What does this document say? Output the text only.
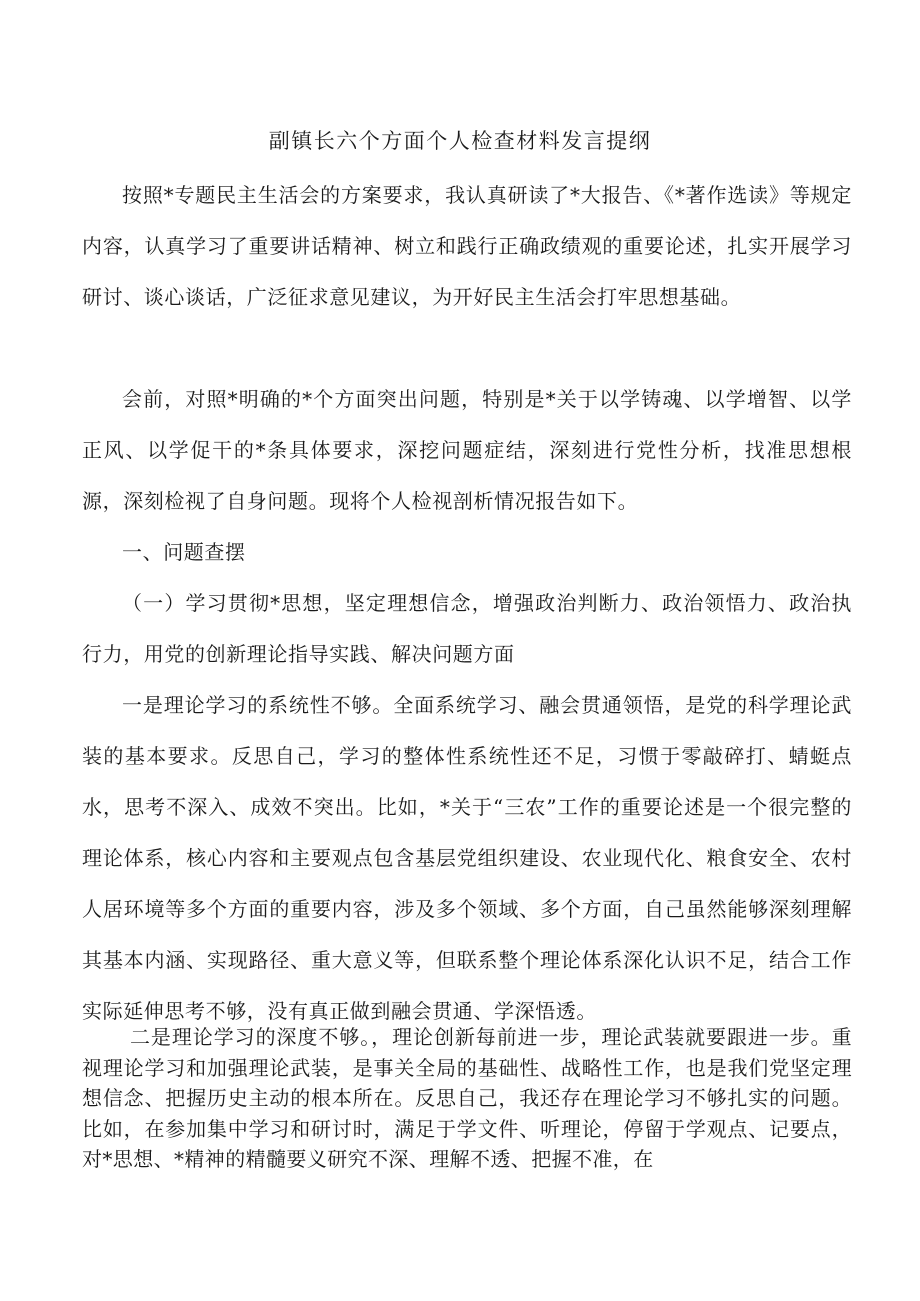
副镇长六个方面个人检查材料发言提纲

按照*专题民主生活会的方案要求，我认真研读了*大报告、《*著作选读》等规定内容，认真学习了重要讲话精神、树立和践行正确政绩观的重要论述，扎实开展学习研讨、谈心谈话，广泛征求意见建议，为开好民主生活会打牢思想基础。

会前，对照*明确的*个方面突出问题，特别是*关于以学铸魂、以学增智、以学正风、以学促干的*条具体要求，深挖问题症结，深刻进行党性分析，找准思想根源，深刻检视了自身问题。现将个人检视剖析情况报告如下。

一、问题查摆

（一）学习贯彻*思想，坚定理想信念，增强政治判断力、政治领悟力、政治执行力，用党的创新理论指导实践、解决问题方面

一是理论学习的系统性不够。全面系统学习、融会贯通领悟，是党的科学理论武装的基本要求。反思自己，学习的整体性系统性还不足，习惯于零敲碎打、蜻蜓点水，思考不深入、成效不突出。比如，*关于“三农”工作的重要论述是一个很完整的理论体系，核心内容和主要观点包含基层党组织建设、农业现代化、粮食安全、农村人居环境等多个方面的重要内容，涉及多个领域、多个方面，自己虽然能够深刻理解其基本内涵、实现路径、重大意义等，但联系整个理论体系深化认识不足，结合工作实际延伸思考不够，没有真正做到融会贯通、学深悟透。

二是理论学习的深度不够。，理论创新每前进一步，理论武装就要跟进一步。重视理论学习和加强理论武装，是事关全局的基础性、战略性工作，也是我们党坚定理想信念、把握历史主动的根本所在。反思自己，我还存在理论学习不够扎实的问题。比如，在参加集中学习和研讨时，满足于学文件、听理论，停留于学观点、记要点，对*思想、*精神的精髓要义研究不深、理解不透、把握不准，在
